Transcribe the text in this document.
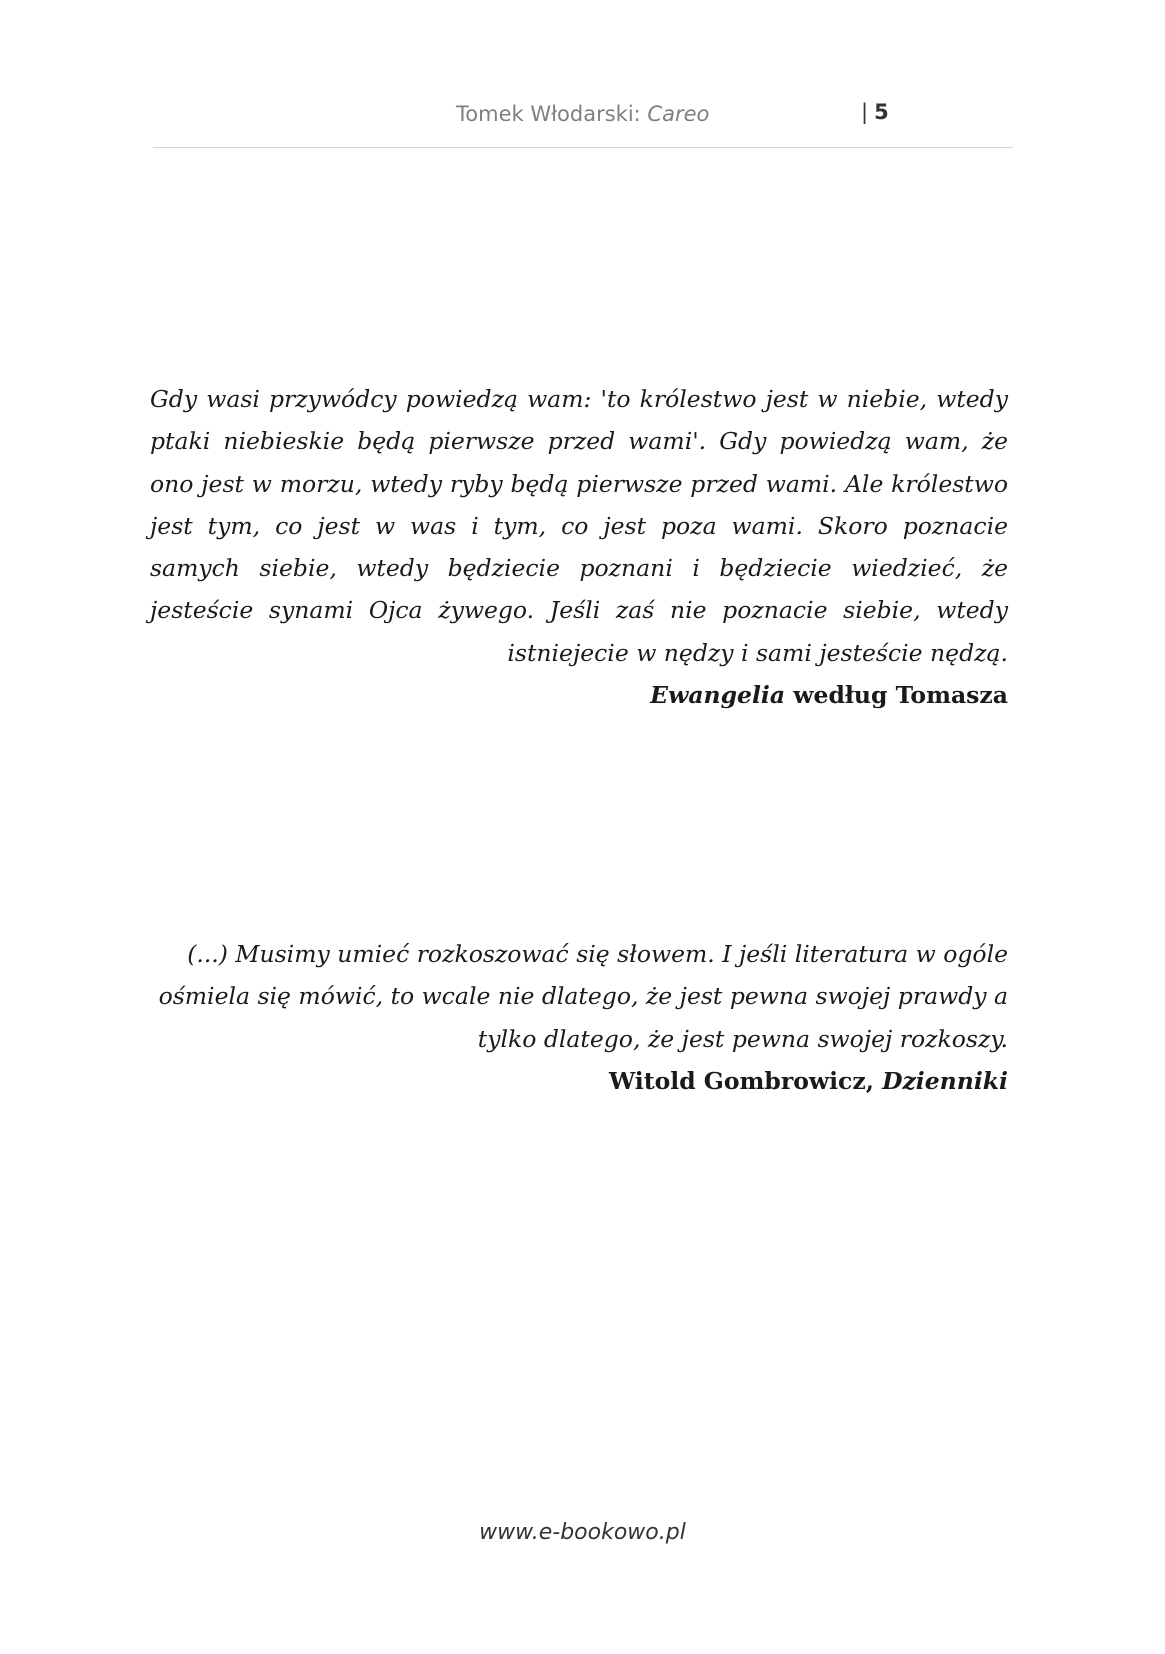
Tomek Włodarski: Careo	| 5

Gdy wasi przywódcy powiedzą wam: 'to królestwo jest w niebie, wtedy ptaki niebieskie będą pierwsze przed wami'. Gdy powiedzą wam, że ono jest w morzu, wtedy ryby będą pierwsze przed wami. Ale królestwo jest tym, co jest w was i tym, co jest poza wami. Skoro poznacie samych siebie, wtedy będziecie poznani i będziecie wiedzieć, że jesteście synami Ojca żywego. Jeśli zaś nie poznacie siebie, wtedy istniejecie w nędzy i sami jesteście nędzą.

Ewangelia według Tomasza

(...) Musimy umieć rozkoszować się słowem. I jeśli literatura w ogóle ośmiela się mówić, to wcale nie dlatego, że jest pewna swojej prawdy a tylko dlatego, że jest pewna swojej rozkoszy.

Witold Gombrowicz, Dzienniki

www.e-bookowo.pl
